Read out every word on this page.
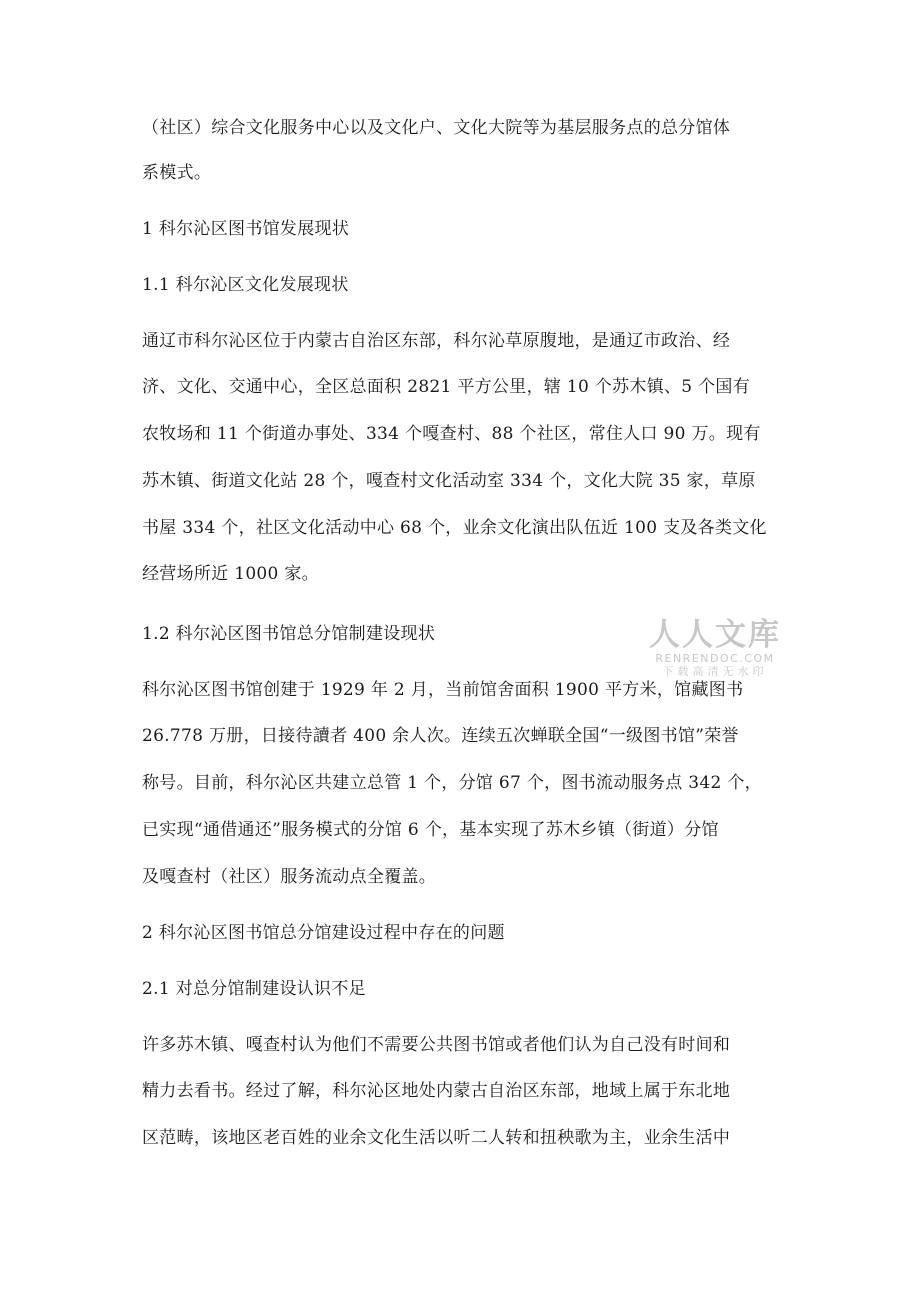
（社区）综合文化服务中心以及文化户、文化大院等为基层服务点的总分馆体
系模式。
1 科尔沁区图书馆发展现状
1.1 科尔沁区文化发展现状
通辽市科尔沁区位于内蒙古自治区东部，科尔沁草原腹地，是通辽市政治、经
济、文化、交通中心，全区总面积 2821 平方公里，辖 10 个苏木镇、5 个国有
农牧场和 11 个街道办事处、334 个嘎查村、88 个社区，常住人口 90 万。现有
苏木镇、街道文化站 28 个，嘎查村文化活动室 334 个，文化大院 35 家，草原
书屋 334 个，社区文化活动中心 68 个，业余文化演出队伍近 100 支及各类文化
经营场所近 1000 家。
1.2 科尔沁区图书馆总分馆制建设现状
科尔沁区图书馆创建于 1929 年 2 月，当前馆舍面积 1900 平方米，馆藏图书
26.778 万册，日接待讀者 400 余人次。连续五次蝉联全国“一级图书馆”荣誉
称号。目前，科尔沁区共建立总管 1 个，分馆 67 个，图书流动服务点 342 个，
已实现“通借通还”服务模式的分馆 6 个，基本实现了苏木乡镇（街道）分馆
及嘎查村（社区）服务流动点全覆盖。
2 科尔沁区图书馆总分馆建设过程中存在的问题
2.1 对总分馆制建设认识不足
许多苏木镇、嘎查村认为他们不需要公共图书馆或者他们认为自己没有时间和
精力去看书。经过了解，科尔沁区地处内蒙古自治区东部，地域上属于东北地
区范畴，该地区老百姓的业余文化生活以听二人转和扭秧歌为主，业余生活中
人人文库
RENRENDOC.COM
下载高清无水印
